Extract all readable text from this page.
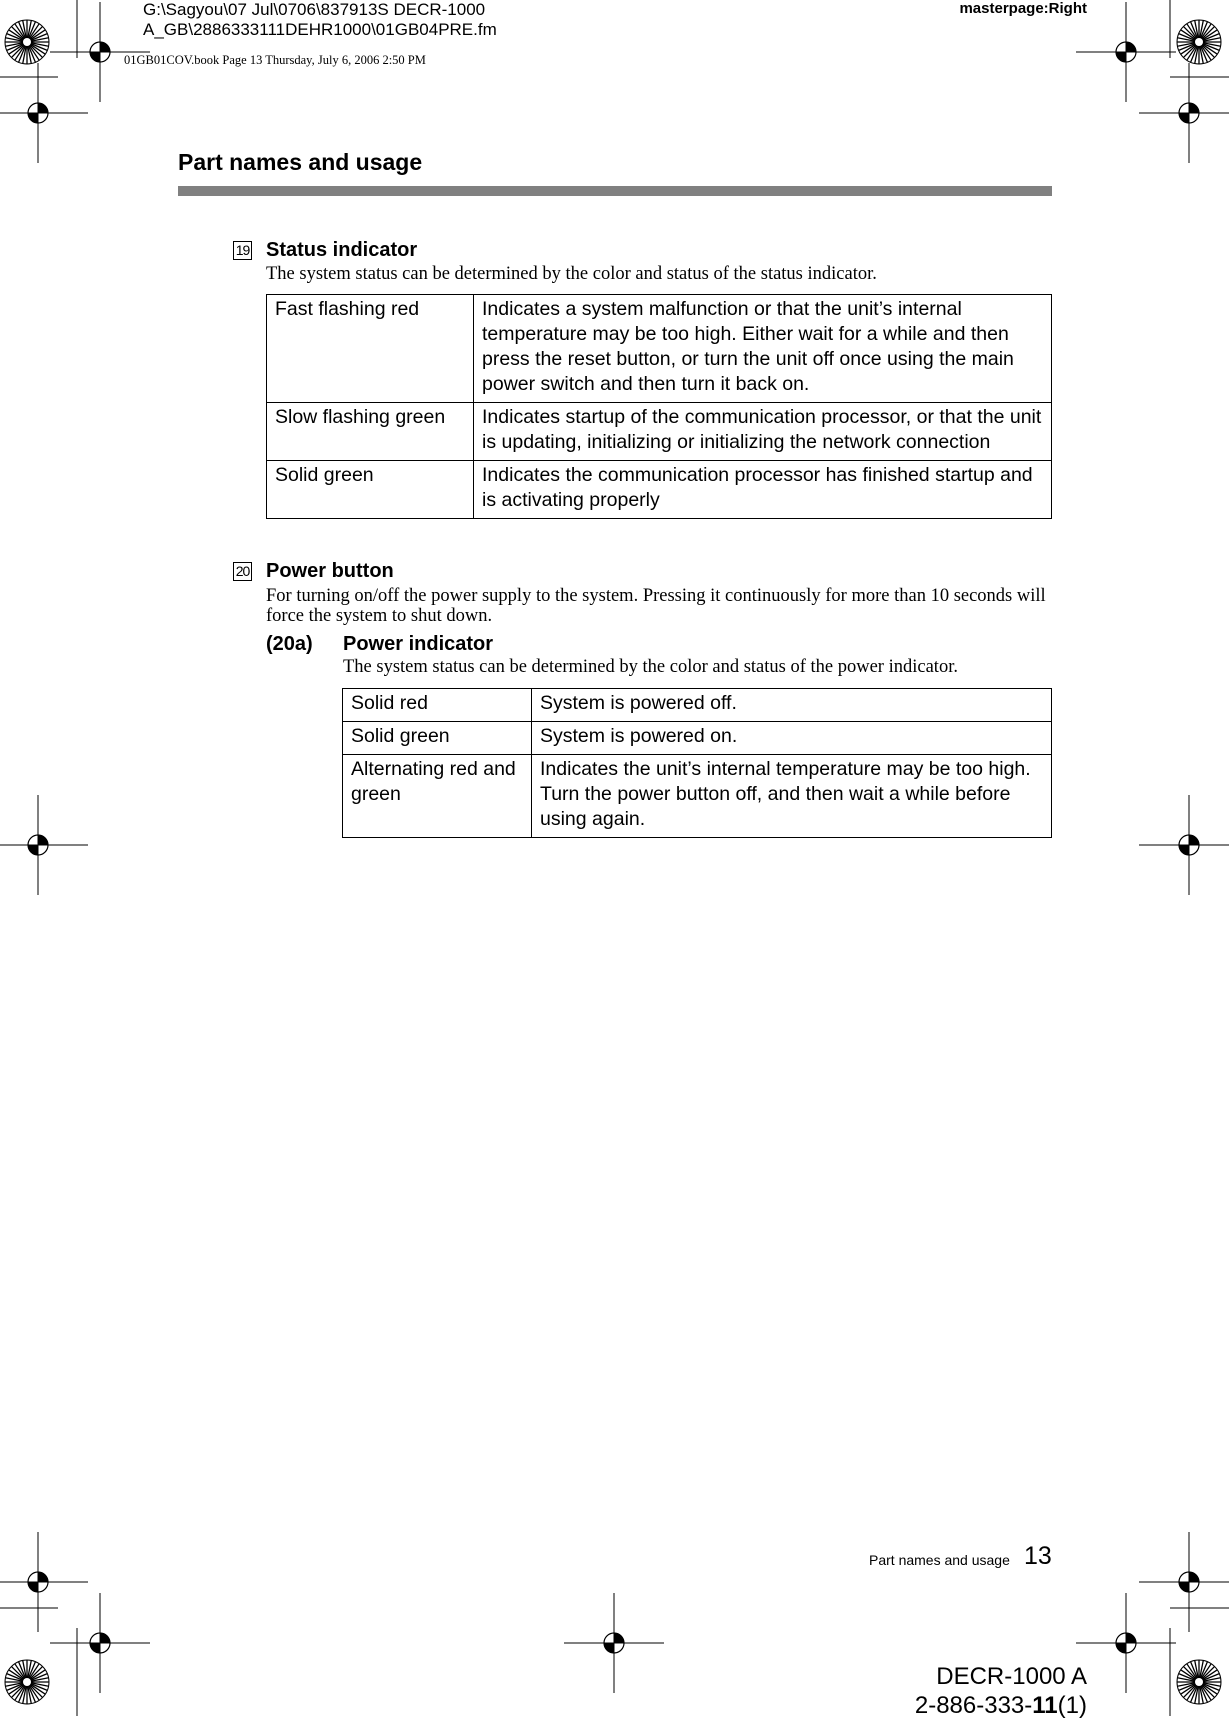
G:\Sagyou\07 Jul\0706\837913S DECR-1000
A_GB\2886333111DEHR1000\01GB04PRE.fm
masterpage:Right
01GB01COV.book Page 13 Thursday, July 6, 2006 2:50 PM
Part names and usage
19 Status indicator
The system status can be determined by the color and status of the status indicator.
Fast flashing red	Indicates a system malfunction or that the unit’s internal temperature may be too high. Either wait for a while and then press the reset button, or turn the unit off once using the main power switch and then turn it back on.
Slow flashing green	Indicates startup of the communication processor, or that the unit is updating, initializing or initializing the network connection
Solid green	Indicates the communication processor has finished startup and is activating properly
20 Power button
For turning on/off the power supply to the system. Pressing it continuously for more than 10 seconds will force the system to shut down.
(20a) Power indicator
The system status can be determined by the color and status of the power indicator.
Solid red	System is powered off.
Solid green	System is powered on.
Alternating red and green	Indicates the unit’s internal temperature may be too high. Turn the power button off, and then wait a while before using again.
Part names and usage 13
DECR-1000 A
2-886-333-11(1)
